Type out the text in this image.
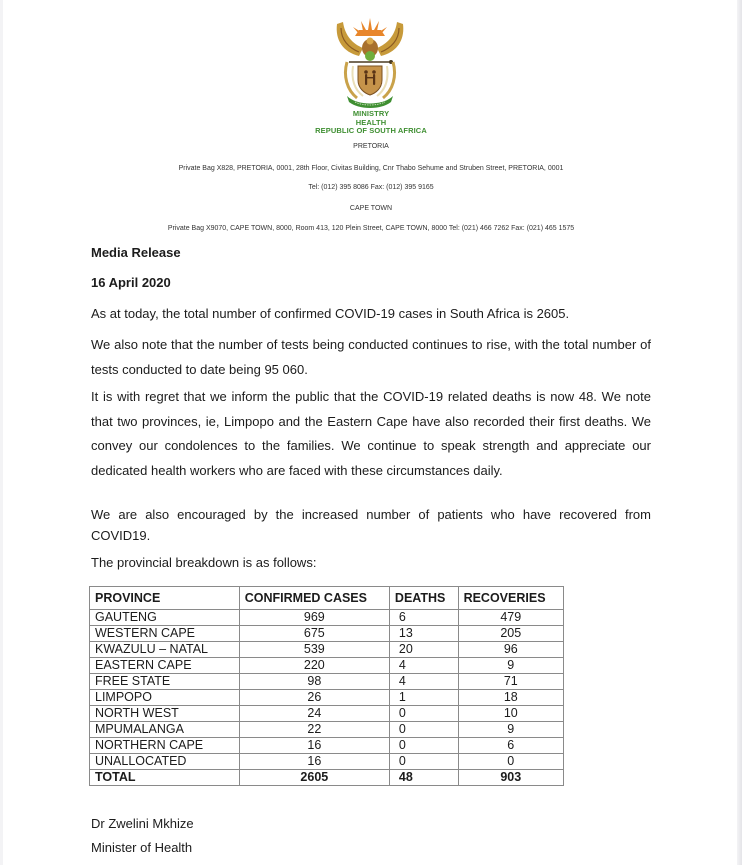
MINISTRY
HEALTH
REPUBLIC OF SOUTH AFRICA
PRETORIA
Private Bag X828, PRETORIA, 0001, 28th Floor, Civitas Building, Cnr Thabo Sehume and Struben Street, PRETORIA, 0001
Tel: (012) 395 8086 Fax: (012) 395 9165
CAPE TOWN
Private Bag X9070, CAPE TOWN, 8000, Room 413, 120 Plein Street, CAPE TOWN, 8000 Tel: (021) 466 7262 Fax: (021) 465 1575
Media Release
16 April 2020
As at today, the total number of confirmed COVID-19 cases in South Africa is 2605.
We also note that the number of tests being conducted continues to rise, with the total number of tests conducted to date being 95 060.
It is with regret that we inform the public that the COVID-19 related deaths is now 48. We note that two provinces, ie, Limpopo and the Eastern Cape have also recorded their first deaths. We convey our condolences to the families. We continue to speak strength and appreciate our dedicated health workers who are faced with these circumstances daily.
We are also encouraged by the increased number of patients who have recovered from COVID19.
The provincial breakdown is as follows:
PROVINCE	CONFIRMED CASES	DEATHS	RECOVERIES
GAUTENG	969	6	479
WESTERN CAPE	675	13	205
KWAZULU – NATAL	539	20	96
EASTERN CAPE	220	4	9
FREE STATE	98	4	71
LIMPOPO	26	1	18
NORTH WEST	24	0	10
MPUMALANGA	22	0	9
NORTHERN CAPE	16	0	6
UNALLOCATED	16	0	0
TOTAL	2605	48	903
Dr Zwelini Mkhize
Minister of Health
